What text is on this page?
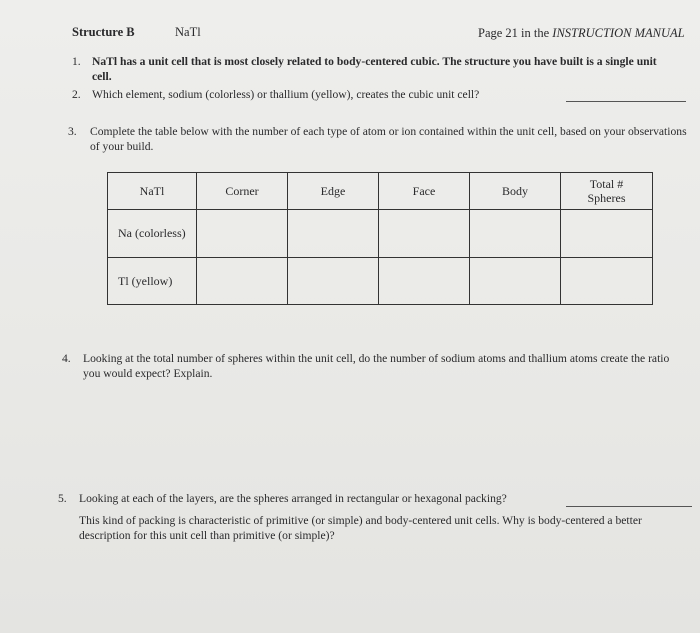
Structure B	NaTl	Page 21 in the INSTRUCTION MANUAL
1. NaTl has a unit cell that is most closely related to body-centered cubic. The structure you have built is a single unit cell.
2. Which element, sodium (colorless) or thallium (yellow), creates the cubic unit cell?
3. Complete the table below with the number of each type of atom or ion contained within the unit cell, based on your observations of your build.
NaTl	Corner	Edge	Face	Body	Total #
Spheres

Na (colorless)					
Tl (yellow)					
4. Looking at the total number of spheres within the unit cell, do the number of sodium atoms and thallium atoms create the ratio you would expect? Explain.
5. Looking at each of the layers, are the spheres arranged in rectangular or hexagonal packing?
This kind of packing is characteristic of primitive (or simple) and body-centered unit cells. Why is body-centered a better description for this unit cell than primitive (or simple)?
